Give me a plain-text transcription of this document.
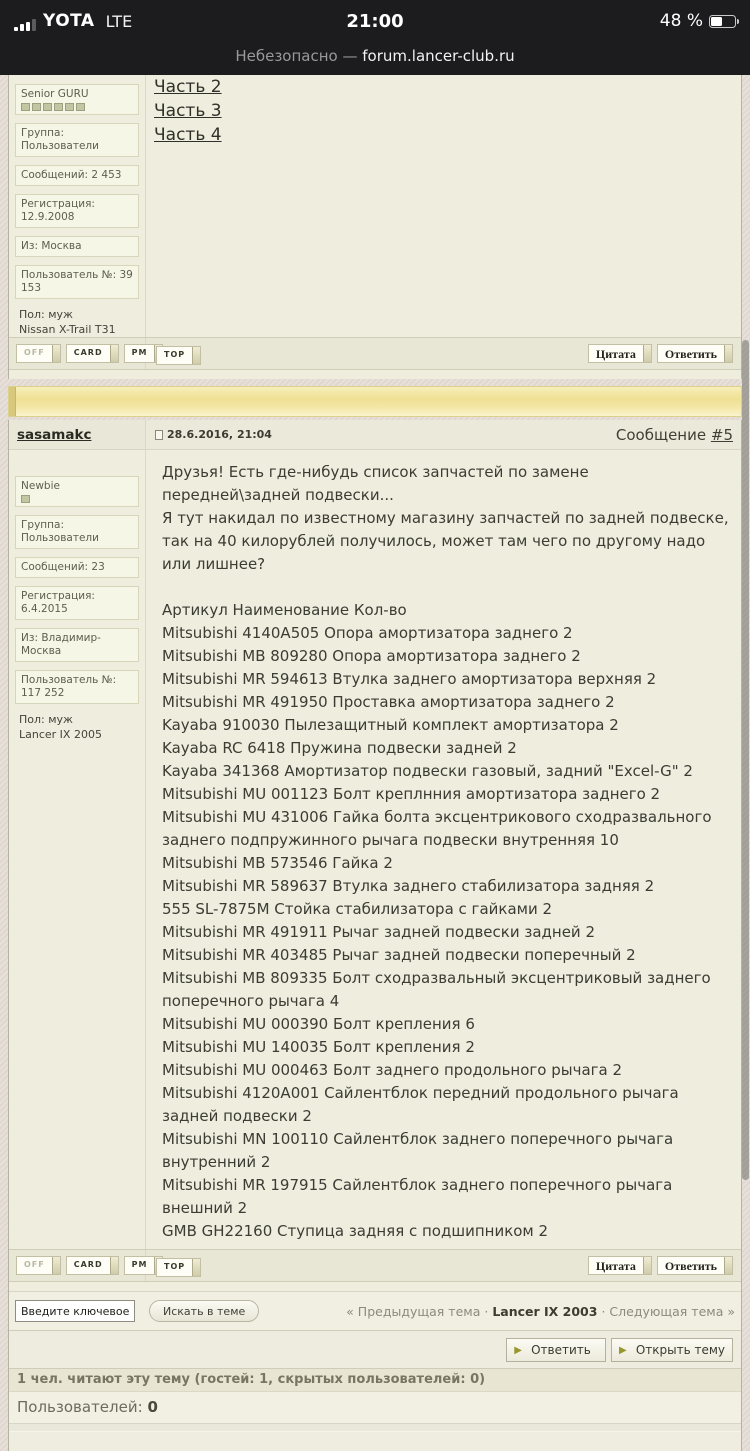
YOTA LTE	21:00	48 %
Небезопасно — forum.lancer-club.ru
Senior GURU
Группа: Пользователи
Сообщений: 2 453
Регистрация: 12.9.2008
Из: Москва
Пользователь №: 39 153
Пол: муж
Nissan X-Trail T31
Часть 2
Часть 3
Часть 4
OFF	CARD	PM	TOP	Цитата	Ответить
sasamakc	28.6.2016, 21:04	Сообщение #5
Newbie
Группа: Пользователи
Сообщений: 23
Регистрация: 6.4.2015
Из: Владимир-Москва
Пользователь №: 117 252
Пол: муж
Lancer IX 2005
Друзья! Есть где-нибудь список запчастей по замене передней\задней подвески...
Я тут накидал по известному магазину запчастей по задней подвеске, так на 40 килорублей получилось, может там чего по другому надо или лишнее?
Артикул Наименование Кол-во
Mitsubishi 4140A505 Опора амортизатора заднего 2
Mitsubishi MB 809280 Опора амортизатора заднего 2
Mitsubishi MR 594613 Втулка заднего амортизатора верхняя 2
Mitsubishi MR 491950 Проставка амортизатора заднего 2
Kayaba 910030 Пылезащитный комплект амортизатора 2
Kayaba RC 6418 Пружина подвески задней 2
Kayaba 341368 Амортизатор подвески газовый, задний "Excel-G" 2
Mitsubishi MU 001123 Болт креплнния амортизатора заднего 2
Mitsubishi MU 431006 Гайка болта эксцентрикового сходразвального заднего подпружинного рычага подвески внутренняя 10
Mitsubishi MB 573546 Гайка 2
Mitsubishi MR 589637 Втулка заднего стабилизатора задняя 2
555 SL-7875M Стойка стабилизатора с гайками 2
Mitsubishi MR 491911 Рычаг задней подвески задней 2
Mitsubishi MR 403485 Рычаг задней подвески поперечный 2
Mitsubishi MB 809335 Болт сходразвальный эксцентриковый заднего поперечного рычага 4
Mitsubishi MU 000390 Болт крепления 6
Mitsubishi MU 140035 Болт крепления 2
Mitsubishi MU 000463 Болт заднего продольного рычага 2
Mitsubishi 4120A001 Сайлентблок передний продольного рычага задней подвески 2
Mitsubishi MN 100110 Сайлентблок заднего поперечного рычага внутренний 2
Mitsubishi MR 197915 Сайлентблок заднего поперечного рычага внешний 2
GMB GH22160 Ступица задняя с подшипником 2
OFF	CARD	PM	TOP	Цитата	Ответить
Введите ключевое слово
Искать в теме	« Предыдущая тема · Lancer IX 2003 · Следующая тема »
▶ Ответить	▶ Открыть тему
1 чел. читают эту тему (гостей: 1, скрытых пользователей: 0)
Пользователей: 0
